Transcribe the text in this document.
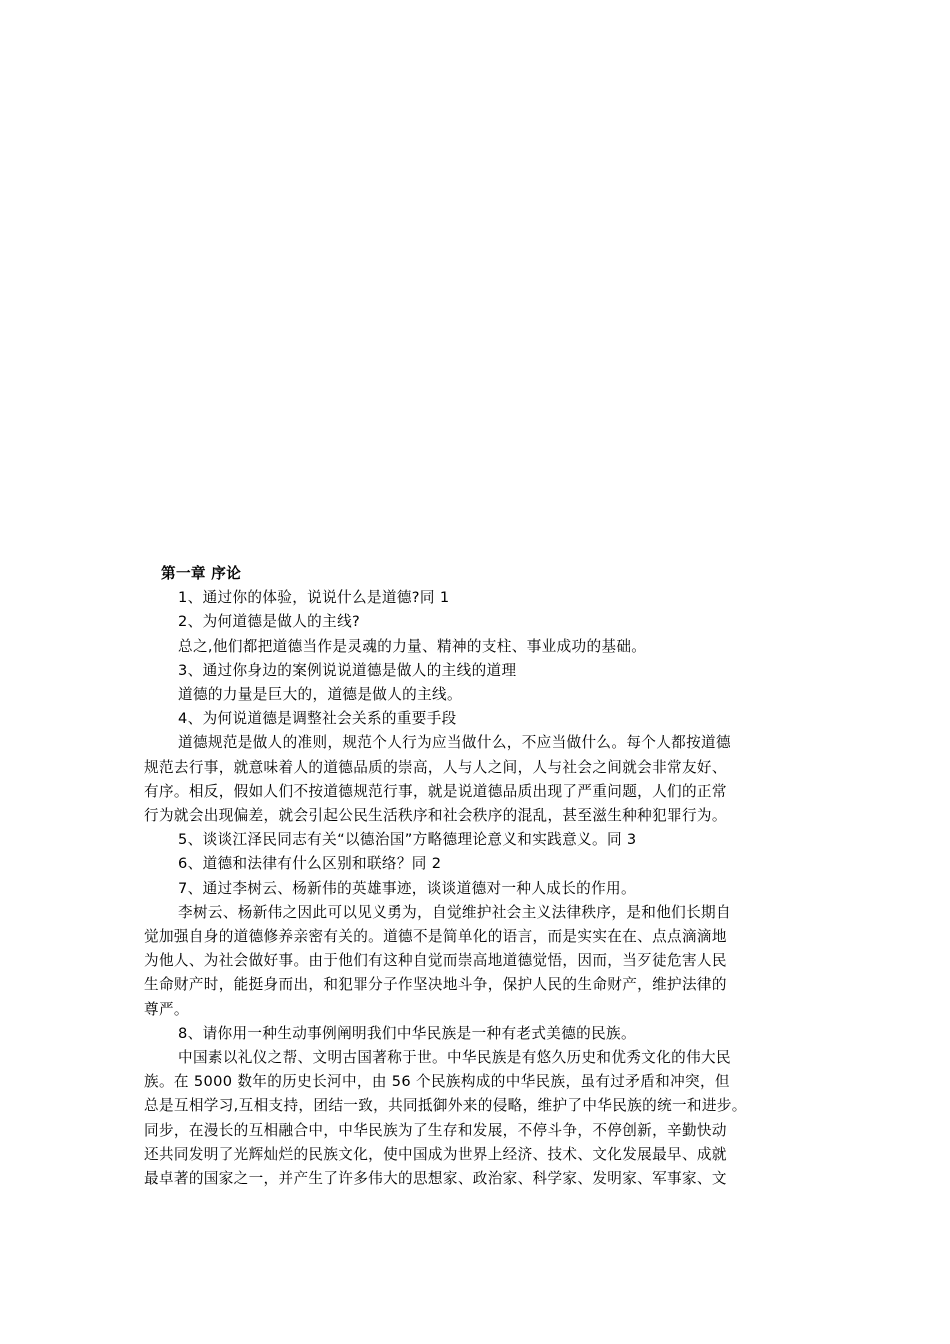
第一章 序论

1、通过你的体验，说说什么是道德?同 1

2、为何道德是做人的主线?

总之,他们都把道德当作是灵魂的力量、精神的支柱、事业成功的基础。

3、通过你身边的案例说说道德是做人的主线的道理

道德的力量是巨大的，道德是做人的主线。

4、为何说道德是调整社会关系的重要手段

道德规范是做人的准则，规范个人行为应当做什么，不应当做什么。每个人都按道德
规范去行事，就意味着人的道德品质的崇高，人与人之间，人与社会之间就会非常友好、
有序。相反，假如人们不按道德规范行事，就是说道德品质出现了严重问题，人们的正常
行为就会出现偏差，就会引起公民生活秩序和社会秩序的混乱，甚至滋生种种犯罪行为。

5、谈谈江泽民同志有关“以德治国”方略德理论意义和实践意义。同 3

6、道德和法律有什么区别和联络？同 2

7、通过李树云、杨新伟的英雄事迹，谈谈道德对一种人成长的作用。

李树云、杨新伟之因此可以见义勇为，自觉维护社会主义法律秩序，是和他们长期自
觉加强自身的道德修养亲密有关的。道德不是简单化的语言，而是实实在在、点点滴滴地
为他人、为社会做好事。由于他们有这种自觉而崇高地道德觉悟，因而，当歹徒危害人民
生命财产时，能挺身而出，和犯罪分子作坚决地斗争，保护人民的生命财产，维护法律的
尊严。

8、请你用一种生动事例阐明我们中华民族是一种有老式美德的民族。

中国素以礼仪之帮、文明古国著称于世。中华民族是有悠久历史和优秀文化的伟大民
族。在 5000 数年的历史长河中，由 56 个民族构成的中华民族，虽有过矛盾和冲突，但
总是互相学习,互相支持，团结一致，共同抵御外来的侵略，维护了中华民族的统一和进步。
同步，在漫长的互相融合中，中华民族为了生存和发展，不停斗争，不停创新，辛勤快动
还共同发明了光辉灿烂的民族文化，使中国成为世界上经济、技术、文化发展最早、成就
最卓著的国家之一，并产生了许多伟大的思想家、政治家、科学家、发明家、军事家、文
